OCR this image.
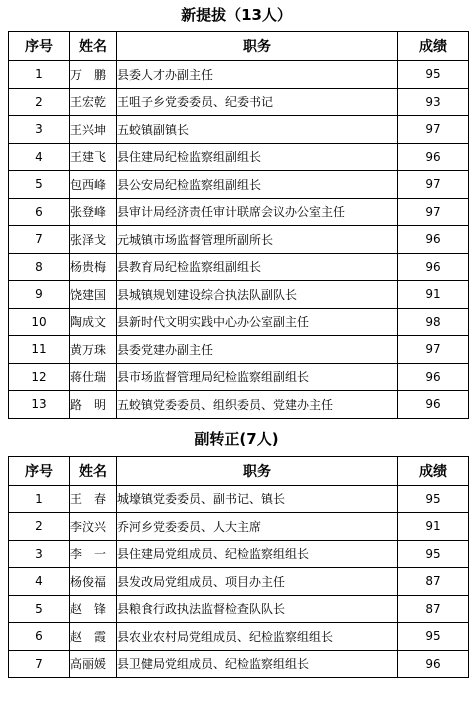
新提拔（13人）
序号	姓名	职务	成绩
1	万　鹏	县委人才办副主任	95
2	王宏乾	王咀子乡党委委员、纪委书记	93
3	王兴坤	五蛟镇副镇长	97
4	王建飞	县住建局纪检监察组副组长	96
5	包西峰	县公安局纪检监察组副组长	97
6	张登峰	县审计局经济责任审计联席会议办公室主任	97
7	张泽戈	元城镇市场监督管理所副所长	96
8	杨贵梅	县教育局纪检监察组副组长	96
9	饶建国	县城镇规划建设综合执法队副队长	91
10	陶成文	县新时代文明实践中心办公室副主任	98
11	黄万珠	县委党建办副主任	97
12	蒋仕瑞	县市场监督管理局纪检监察组副组长	96
13	路　明	五蛟镇党委委员、组织委员、党建办主任	96
副转正(7人)
序号	姓名	职务	成绩
1	王　春	城壕镇党委委员、副书记、镇长	95
2	李汶兴	乔河乡党委委员、人大主席	91
3	李　一	县住建局党组成员、纪检监察组组长	95
4	杨俊福	县发改局党组成员、项目办主任	87
5	赵　锋	县粮食行政执法监督检查队队长	87
6	赵　霞	县农业农村局党组成员、纪检监察组组长	95
7	高丽媛	县卫健局党组成员、纪检监察组组长	96
